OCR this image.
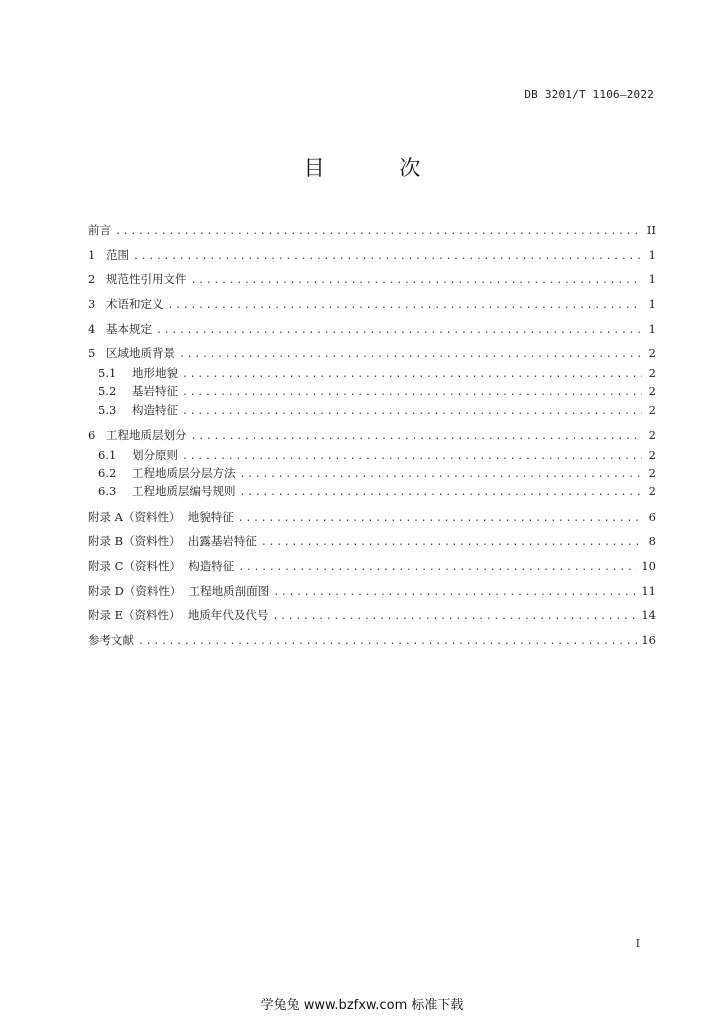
DB 3201/T 1106—2022
目 次
前言 .....	II
1 范围 .....	1
2 规范性引用文件 .....	1
3 术语和定义 .....	1
4 基本规定 .....	1
5 区域地质背景 .....	2
5.1	地形地貌 .....	2
5.2	基岩特征 .....	2
5.3	构造特征 .....	2
6 工程地质层划分 .....	2
6.1	划分原则 .....	2
6.2	工程地质层分层方法 .....	2
6.3	工程地质层编号规则 .....	2
附录 A（资料性）  地貌特征 .....	6
附录 B（资料性）  出露基岩特征 .....	8
附录 C（资料性）  构造特征 .....	10
附录 D（资料性）  工程地质剖面图 .....	11
附录 E（资料性）  地质年代及代号 .....	14
参考文献 .....	16
I
学兔兔 www.bzfxw.com 标准下载
